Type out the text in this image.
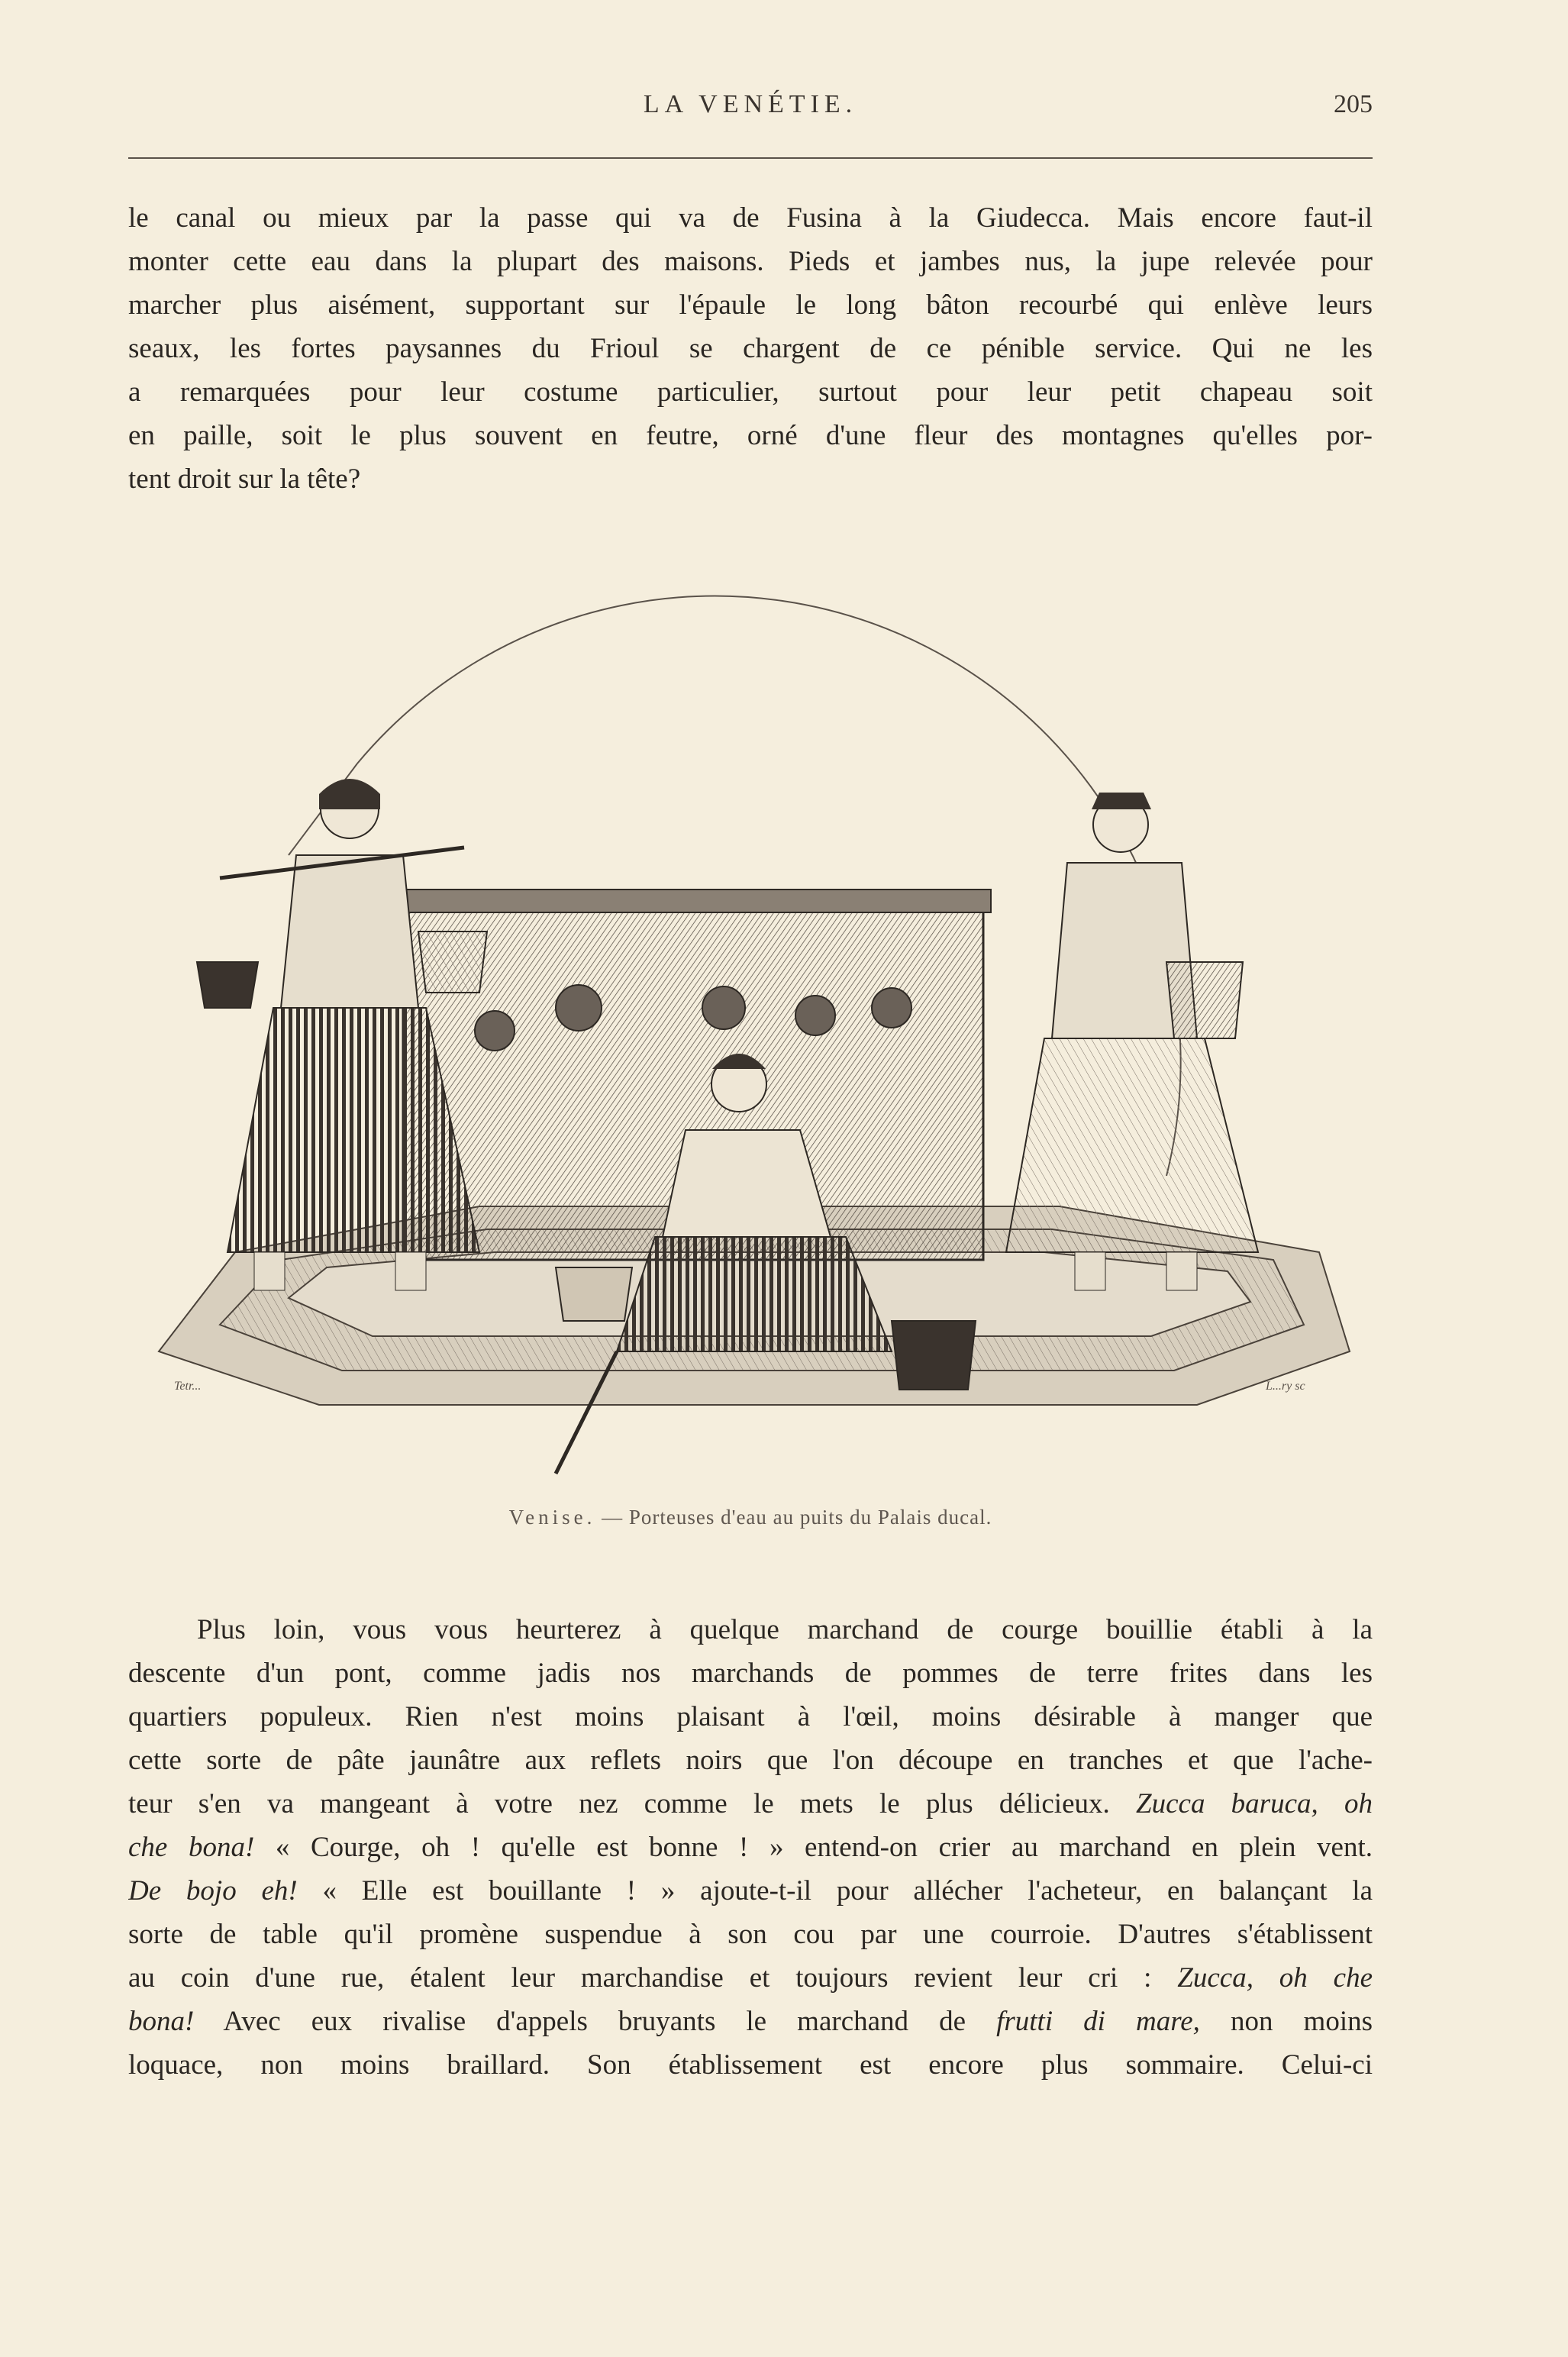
LA VENÉTIE.	205
le canal ou mieux par la passe qui va de Fusina à la Giudecca. Mais encore faut-il
monter cette eau dans la plupart des maisons. Pieds et jambes nus, la jupe relevée pour
marcher plus aisément, supportant sur l'épaule le long bâton recourbé qui enlève leurs
seaux, les fortes paysannes du Frioul se chargent de ce pénible service. Qui ne les
a remarquées pour leur costume particulier, surtout pour leur petit chapeau soit
en paille, soit le plus souvent en feutre, orné d'une fleur des montagnes qu'elles por-
tent droit sur la tête?
Tetr...	L...ry sc
Venise. — Porteuses d'eau au puits du Palais ducal.
Plus loin, vous vous heurterez à quelque marchand de courge bouillie établi à la
descente d'un pont, comme jadis nos marchands de pommes de terre frites dans les
quartiers populeux. Rien n'est moins plaisant à l'œil, moins désirable à manger que
cette sorte de pâte jaunâtre aux reflets noirs que l'on découpe en tranches et que l'ache-
teur s'en va mangeant à votre nez comme le mets le plus délicieux. Zucca baruca, oh
che bona! « Courge, oh ! qu'elle est bonne ! » entend-on crier au marchand en plein vent.
De bojo eh! « Elle est bouillante ! » ajoute-t-il pour allécher l'acheteur, en balançant la
sorte de table qu'il promène suspendue à son cou par une courroie. D'autres s'établissent
au coin d'une rue, étalent leur marchandise et toujours revient leur cri : Zucca, oh che
bona! Avec eux rivalise d'appels bruyants le marchand de frutti di mare, non moins
loquace, non moins braillard. Son établissement est encore plus sommaire. Celui-ci
